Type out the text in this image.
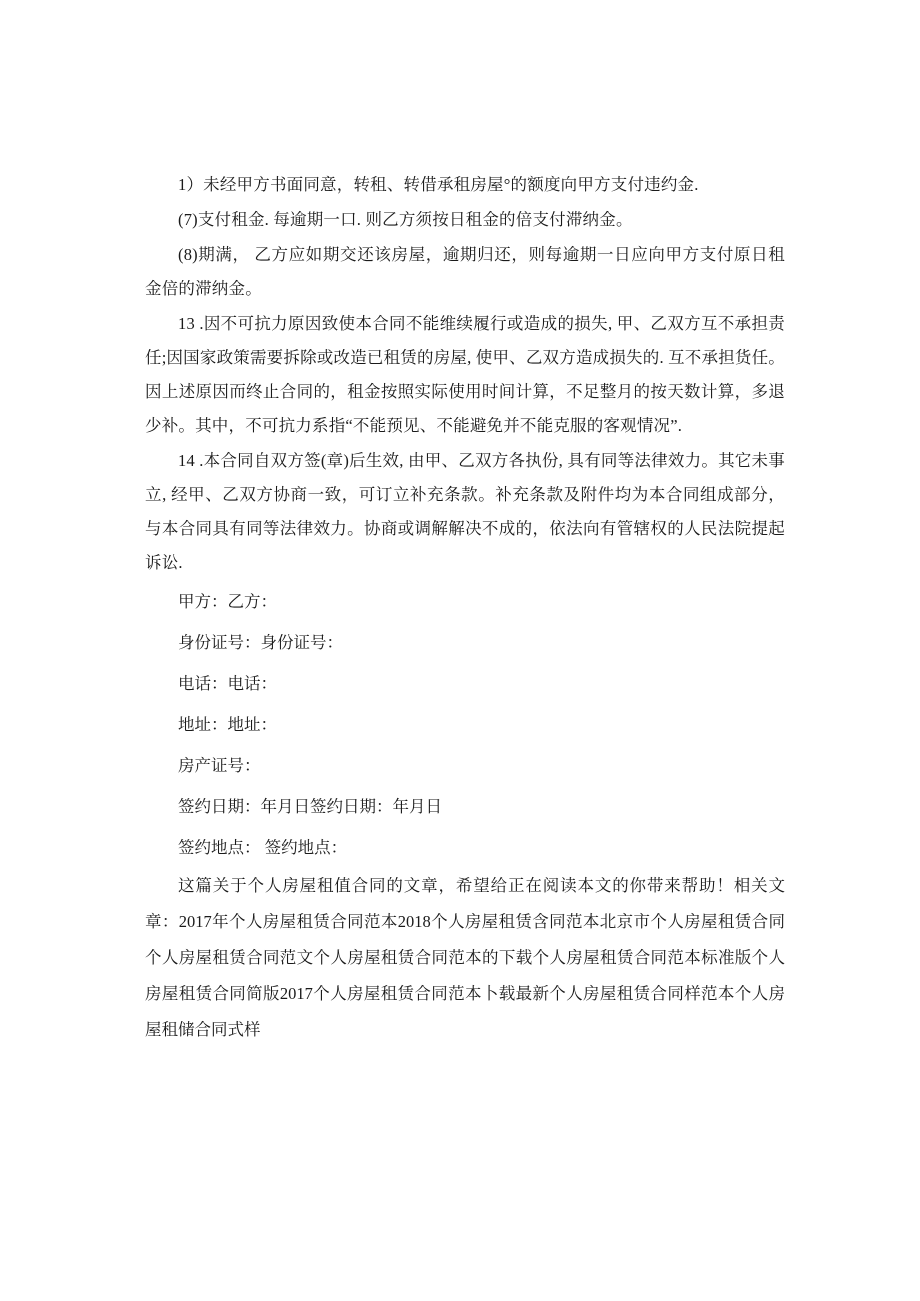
1）未经甲方书面同意，转租、转借承租房屋°的额度向甲方支付违约金.

(7)支付租金. 每逾期一口. 则乙方须按日租金的倍支付滞纳金。

(8)期满， 乙方应如期交还该房屋，逾期归还，则每逾期一日应向甲方支付原日租金倍的滞纳金。

13 .因不可抗力原因致使本合同不能维续履行或造成的损失, 甲、乙双方互不承担责任;因国家政策需要拆除或改造已租赁的房屋, 使甲、乙双方造成损失的. 互不承担货任。因上述原因而终止合同的，租金按照实际使用时间计算，不足整月的按天数计算，多退少补。其中，不可抗力系指“不能预见、不能避免并不能克服的客观情况”.

14 .本合同自双方签(章)后生效, 由甲、乙双方各执份, 具有同等法律效力。其它未事立, 经甲、乙双方协商一致，可订立补充条款。补充条款及附件均为本合同组成部分，与本合同具有同等法律效力。协商或调解解决不成的，依法向有管辖权的人民法院提起诉讼.

甲方：乙方：

身份证号：身份证号：

电话：电话：

地址：地址：

房产证号：

签约日期：年月日签约日期：年月日

签约地点： 签约地点：

这篇关于个人房屋租值合同的文章，希望给正在阅读本文的你带来帮助！相关文章：2017年个人房屋租赁合同范本2018个人房屋租赁含同范本北京市个人房屋租赁合同个人房屋租赁合同范文个人房屋租赁合同范本的下载个人房屋租赁合同范本标准版个人房屋租赁合同简版2017个人房屋租赁合同范本卜载最新个人房屋租赁合同样范本个人房屋租储合同式样
